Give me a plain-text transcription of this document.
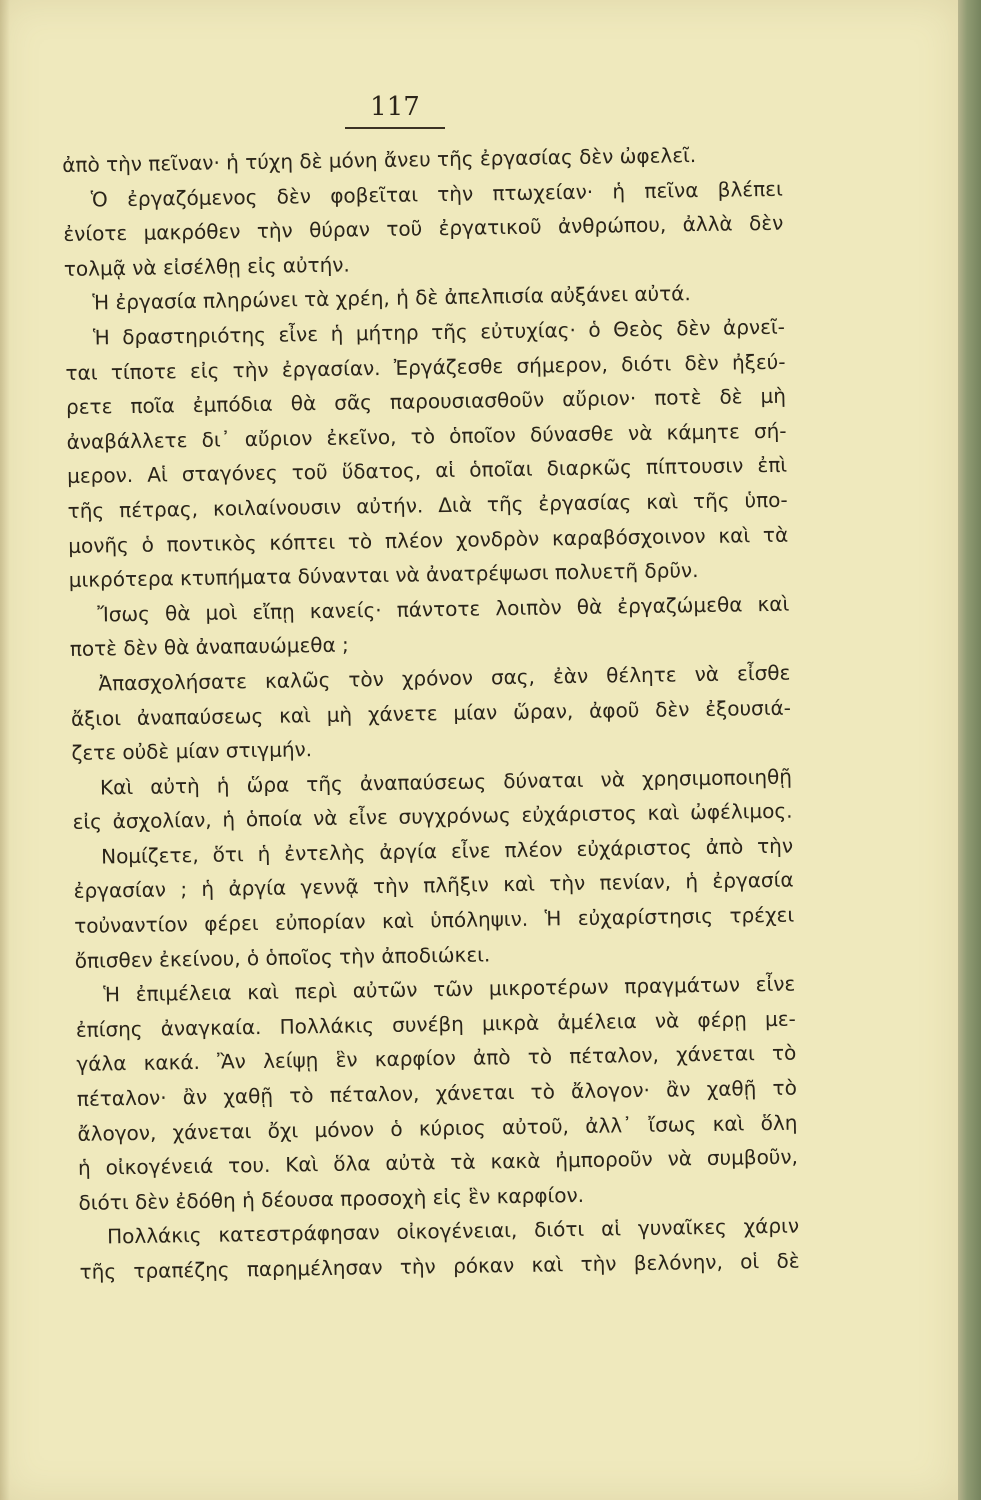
117
ἀπὸ τὴν πεῖναν· ἡ τύχη δὲ μόνη ἄνευ τῆς ἐργασίας δὲν ὠφελεῖ.
Ὁ ἐργαζόμενος δὲν φοβεῖται τὴν πτωχείαν· ἡ πεῖνα βλέπει
ἐνίοτε μακρόθεν τὴν θύραν τοῦ ἐργατικοῦ ἀνθρώπου, ἀλλὰ δὲν
τολμᾷ νὰ εἰσέλθῃ εἰς αὐτήν.
Ἡ ἐργασία πληρώνει τὰ χρέη, ἡ δὲ ἀπελπισία αὐξάνει αὐτά.
Ἡ δραστηριότης εἶνε ἡ μήτηρ τῆς εὐτυχίας· ὁ Θεὸς δὲν ἀρνεῖ-
ται τίποτε εἰς τὴν ἐργασίαν. Ἐργάζεσθε σήμερον, διότι δὲν ἠξεύ-
ρετε ποῖα ἐμπόδια θὰ σᾶς παρουσιασθοῦν αὔριον· ποτὲ δὲ μὴ
ἀναβάλλετε δι᾽ αὔριον ἐκεῖνο, τὸ ὁποῖον δύνασθε νὰ κάμητε σή-
μερον. Αἱ σταγόνες τοῦ ὕδατος, αἱ ὁποῖαι διαρκῶς πίπτουσιν ἐπὶ
τῆς πέτρας, κοιλαίνουσιν αὐτήν. Διὰ τῆς ἐργασίας καὶ τῆς ὑπο-
μονῆς ὁ ποντικὸς κόπτει τὸ πλέον χονδρὸν καραβόσχοινον καὶ τὰ
μικρότερα κτυπήματα δύνανται νὰ ἀνατρέψωσι πολυετῆ δρῦν.
Ἴσως θὰ μοὶ εἴπῃ κανείς· πάντοτε λοιπὸν θὰ ἐργαζώμεθα καὶ
ποτὲ δὲν θὰ ἀναπαυώμεθα ;
Ἀπασχολήσατε καλῶς τὸν χρόνον σας, ἐὰν θέλητε νὰ εἶσθε
ἄξιοι ἀναπαύσεως καὶ μὴ χάνετε μίαν ὥραν, ἀφοῦ δὲν ἐξουσιά-
ζετε οὐδὲ μίαν στιγμήν.
Καὶ αὐτὴ ἡ ὥρα τῆς ἀναπαύσεως δύναται νὰ χρησιμοποιηθῇ
εἰς ἀσχολίαν, ἡ ὁποία νὰ εἶνε συγχρόνως εὐχάριστος καὶ ὠφέλιμος.
Νομίζετε, ὅτι ἡ ἐντελὴς ἀργία εἶνε πλέον εὐχάριστος ἀπὸ τὴν
ἐργασίαν ; ἡ ἀργία γεννᾷ τὴν πλῆξιν καὶ τὴν πενίαν, ἡ ἐργασία
τοὐναντίον φέρει εὐπορίαν καὶ ὑπόληψιν. Ἡ εὐχαρίστησις τρέχει
ὄπισθεν ἐκείνου, ὁ ὁποῖος τὴν ἀποδιώκει.
Ἡ ἐπιμέλεια καὶ περὶ αὐτῶν τῶν μικροτέρων πραγμάτων εἶνε
ἐπίσης ἀναγκαία. Πολλάκις συνέβη μικρὰ ἀμέλεια νὰ φέρῃ με-
γάλα κακά. Ἂν λείψῃ ἓν καρφίον ἀπὸ τὸ πέταλον, χάνεται τὸ
πέταλον· ἂν χαθῇ τὸ πέταλον, χάνεται τὸ ἄλογον· ἂν χαθῇ τὸ
ἄλογον, χάνεται ὄχι μόνον ὁ κύριος αὐτοῦ, ἀλλ᾽ ἴσως καὶ ὅλη
ἡ οἰκογένειά του. Καὶ ὅλα αὐτὰ τὰ κακὰ ἠμποροῦν νὰ συμβοῦν,
διότι δὲν ἐδόθη ἡ δέουσα προσοχὴ εἰς ἓν καρφίον.
Πολλάκις κατεστράφησαν οἰκογένειαι, διότι αἱ γυναῖκες χάριν
τῆς τραπέζης παρημέλησαν τὴν ρόκαν καὶ τὴν βελόνην, οἱ δὲ
